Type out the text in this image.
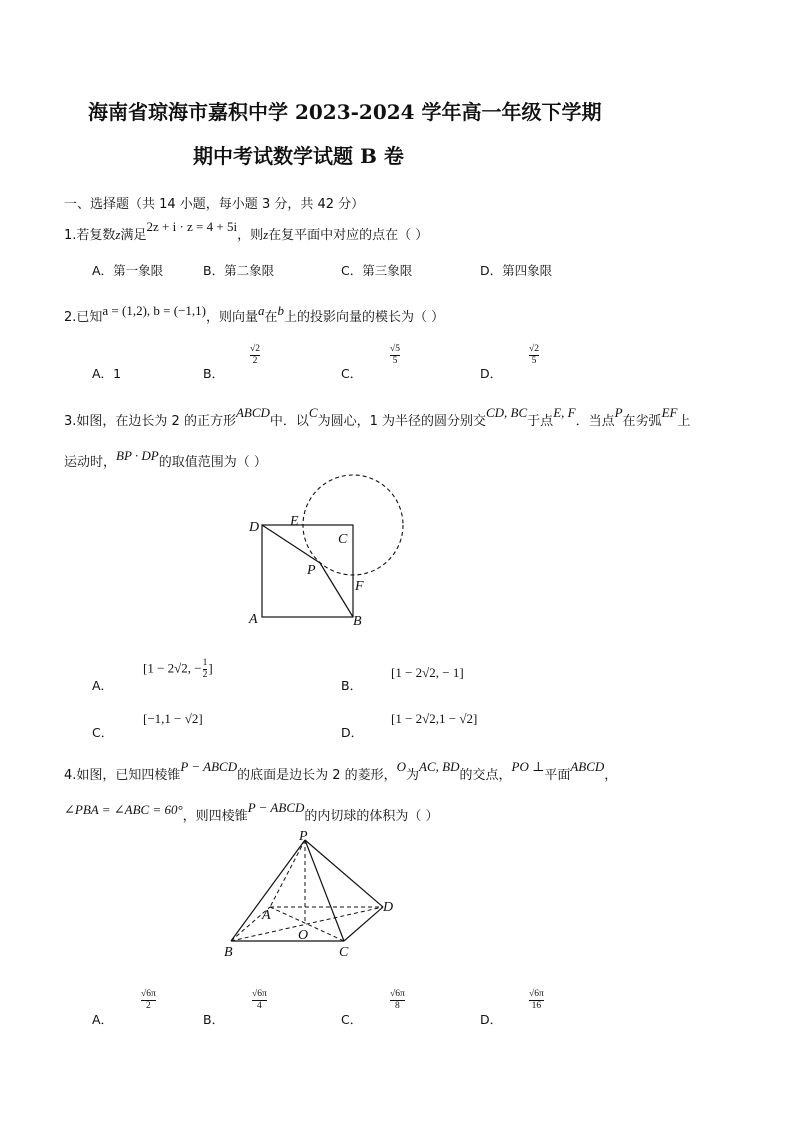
海南省琼海市嘉积中学 2023-2024 学年高一年级下学期
期中考试数学试题 B 卷
一、选择题（共 14 小题，每小题 3 分，共 42 分）
1.若复数z满足2z + i · z = 4 + 5i，则z在复平面中对应的点在（ ）
A．第一象限	B．第二象限	C．第三象限	D．第四象限
2.已知a = (1,2), b = (−1,1)，则向量a在b上的投影向量的模长为（ ）
A．1	B．
√2
2
C．
√5
5
D．
√2
5
3.如图，在边长为 2 的正方形ABCD中．以C为圆心，1 为半径的圆分别交CD, BC于点E, F．当点P在劣弧EF上
运动时，BP · DP的取值范围为（ ）
D E
C
P
F
A	B
A．
[1 − 2√2, − $\frac{1}{2}$ ]
B．
[1 − 2√2, − 1]
C．
[−1,1 − √2]
D．
[1 − 2√2,1 − √2]
4.如图，已知四棱锥P − ABCD的底面是边长为 2 的菱形，O为AC, BD的交点，PO ⊥平面ABCD，
∠PBA = ∠ABC = 60°，则四棱锥P − ABCD的内切球的体积为（ ）
P
A
D
O
B	C
A．
√6π
2
B．
√6π
4
C．
√6π
8
D．
√6π
16
